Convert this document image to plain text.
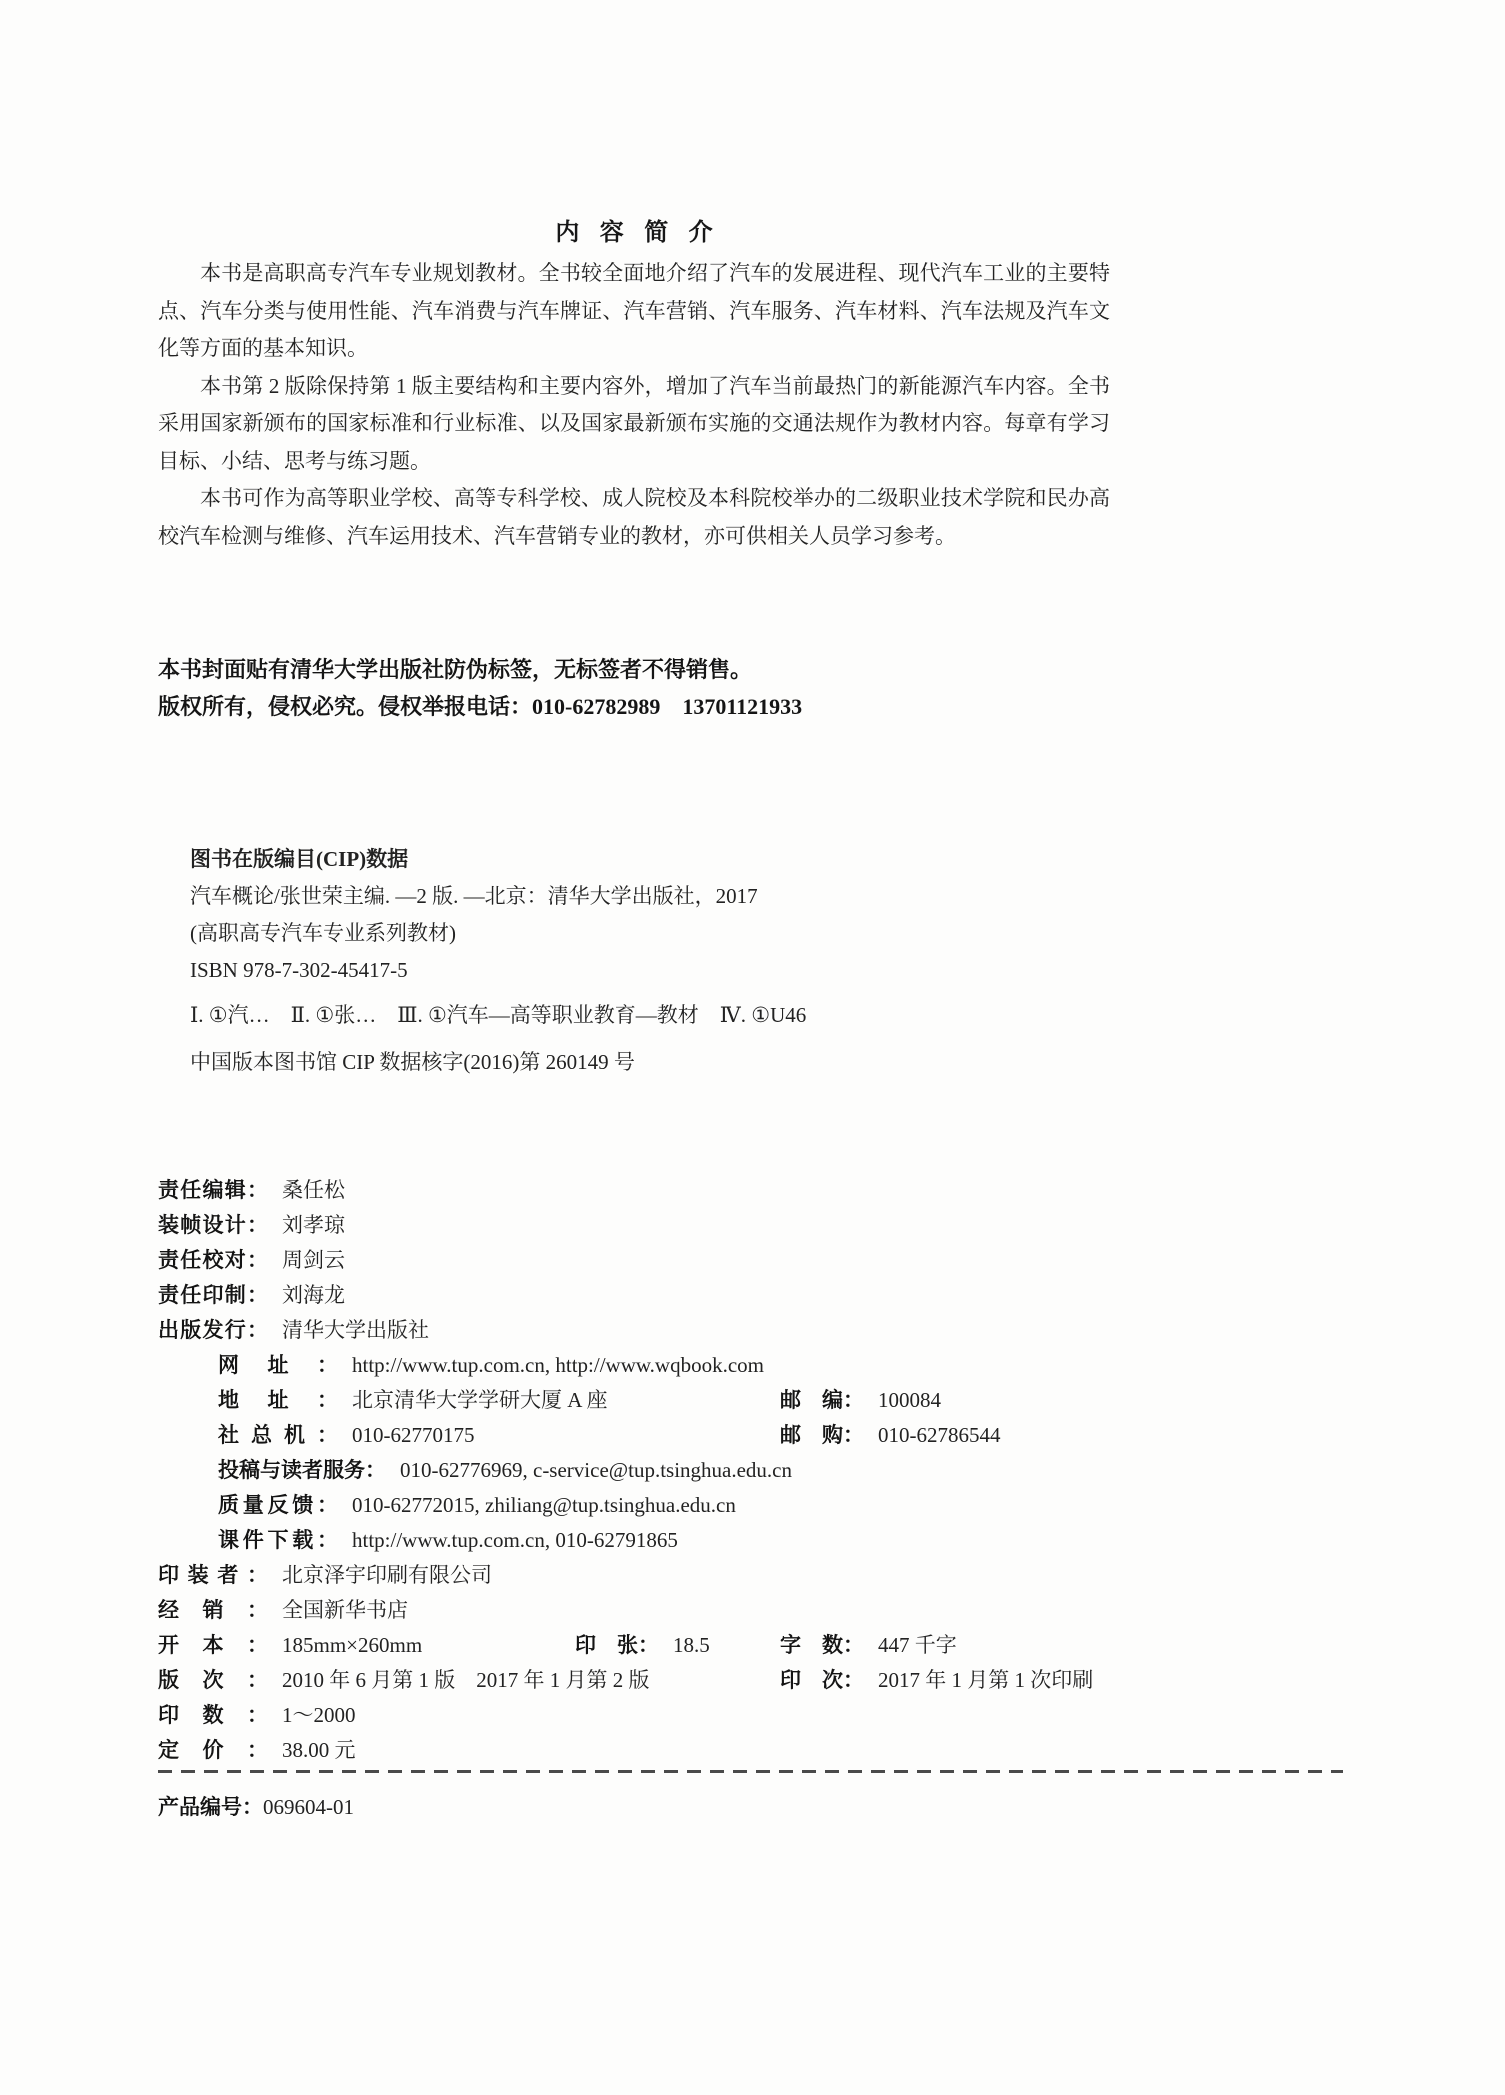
内 容 简 介

本书是高职高专汽车专业规划教材。全书较全面地介绍了汽车的发展进程、现代汽车工业的主要特点、汽车分类与使用性能、汽车消费与汽车牌证、汽车营销、汽车服务、汽车材料、汽车法规及汽车文化等方面的基本知识。

本书第 2 版除保持第 1 版主要结构和主要内容外，增加了汽车当前最热门的新能源汽车内容。全书采用国家新颁布的国家标准和行业标准、以及国家最新颁布实施的交通法规作为教材内容。每章有学习目标、小结、思考与练习题。

本书可作为高等职业学校、高等专科学校、成人院校及本科院校举办的二级职业技术学院和民办高校汽车检测与维修、汽车运用技术、汽车营销专业的教材，亦可供相关人员学习参考。

本书封面贴有清华大学出版社防伪标签，无标签者不得销售。

版权所有，侵权必究。侵权举报电话：010-62782989　13701121933

图书在版编目(CIP)数据

汽车概论/张世荣主编. —2 版. —北京：清华大学出版社，2017

(高职高专汽车专业系列教材)

ISBN 978-7-302-45417-5

Ⅰ. ①汽…　Ⅱ. ①张…　Ⅲ. ①汽车—高等职业教育—教材　Ⅳ. ①U46

中国版本图书馆 CIP 数据核字(2016)第 260149 号

责任编辑： 桑任松
装帧设计： 刘孝琼
责任校对： 周剑云
责任印制： 刘海龙
出版发行： 清华大学出版社
网址： http://www.tup.com.cn, http://www.wqbook.com
地址： 北京清华大学学研大厦 A 座	邮　编： 100084
社总机： 010-62770175	邮　购： 010-62786544
投稿与读者服务： 010-62776969, c-service@tup.tsinghua.edu.cn
质量反馈： 010-62772015, zhiliang@tup.tsinghua.edu.cn
课件下载： http://www.tup.com.cn, 010-62791865
印装者： 北京泽宇印刷有限公司
经销： 全国新华书店
开本： 185mm×260mm	印　张： 18.5	字　数： 447 千字
版次： 2010 年 6 月第 1 版　2017 年 1 月第 2 版	印　次： 2017 年 1 月第 1 次印刷
印数： 1～2000
定价： 38.00 元

产品编号：069604-01
